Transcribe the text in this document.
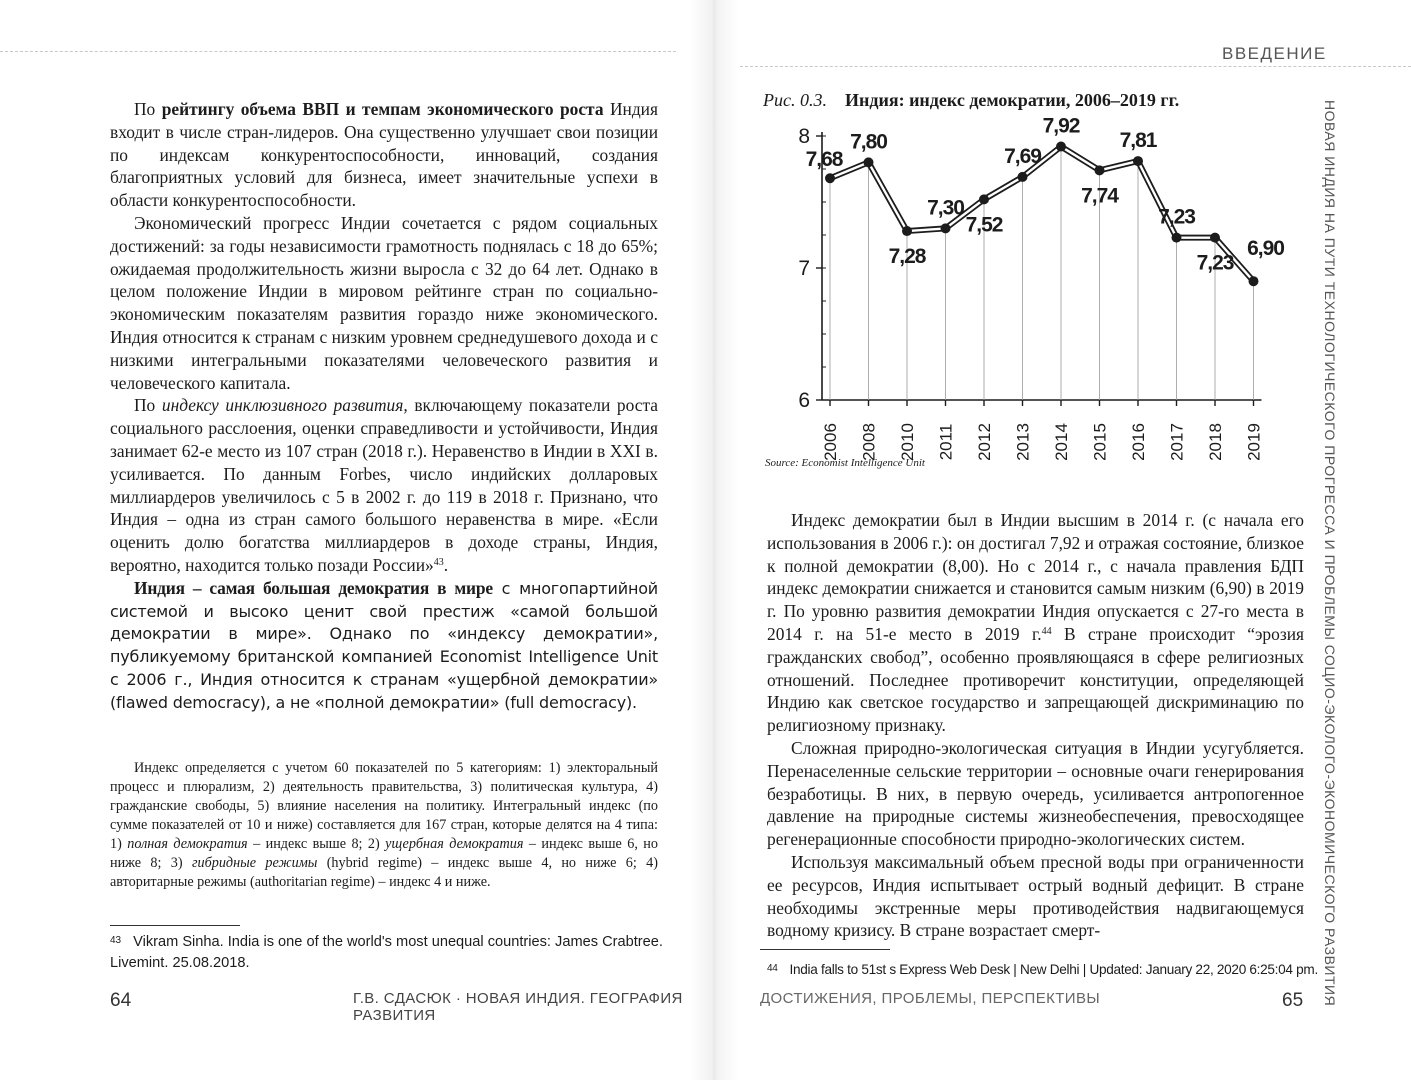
По рейтингу объема ВВП и темпам экономического роста Индия входит в числе стран-лидеров. Она существенно улучшает свои позиции по индексам конкурентоспособности, инноваций, создания благоприятных условий для бизнеса, имеет значительные успехи в области конкурентоспособности.

Экономический прогресс Индии сочетается с рядом социальных достижений: за годы независимости грамотность поднялась с 18 до 65%; ожидаемая продолжительность жизни выросла с 32 до 64 лет. Однако в целом положение Индии в мировом рейтинге стран по социально-экономическим показателям развития гораздо ниже экономического. Индия относится к странам с низким уровнем среднедушевого дохода и с низкими интегральными показателями человеческого развития и человеческого капитала.

По индексу инклюзивного развития, включающему показатели роста социального расслоения, оценки справедливости и устойчивости, Индия занимает 62-е место из 107 стран (2018 г.). Неравенство в Индии в XXI в. усиливается. По данным Forbes, число индийских долларовых миллиардеров увеличилось с 5 в 2002 г. до 119 в 2018 г. Признано, что Индия – одна из стран самого большого неравенства в мире. «Если оценить долю богатства миллиардеров в доходе страны, Индия, вероятно, находится только позади России»$^{43}$.

Индия – самая большая демократия в мире с многопартийной системой и высоко ценит свой престиж «самой большой демократии в мире». Однако по «индексу демократии», публикуемому британской компанией Economist Intelligence Unit с 2006 г., Индия относится к странам «ущербной демократии» (flawed democracy), а не «полной демократии» (full democracy).

Индекс определяется с учетом 60 показателей по 5 категориям: 1) электоральный процесс и плюрализм, 2) деятельность правительства, 3) политическая культура, 4) гражданские свободы, 5) влияние населения на политику. Интегральный индекс (по сумме показателей от 10 и ниже) составляется для 167 стран, которые делятся на 4 типа: 1) полная демократия – индекс выше 8; 2) ущербная демократия – индекс выше 6, но ниже 8; 3) гибридные режимы (hybrid regime) – индекс выше 4, но ниже 6; 4) авторитарные режимы (authoritarian regime) – индекс 4 и ниже.

$^{43}$ Vikram Sinha. India is one of the world's most unequal countries: James Crabtree. Livemint. 25.08.2018.

64	Г.В. СДАСЮК · НОВАЯ ИНДИЯ. ГЕОГРАФИЯ РАЗВИТИЯ

ВВЕДЕНИЕ

НОВАЯ ИНДИЯ НА ПУТИ ТЕХНОЛОГИЧЕСКОГО ПРОГРЕССА И ПРОБЛЕМЫ СОЦИО-ЭКОЛОГО-ЭКОНОМИЧЕСКОГО РАЗВИТИЯ

Рис. 0.3. Индия: индекс демократии, 2006–2019 гг.

6
7
8
2006 2008 2010 2011 2012 2013 2014 2015 2016 2017 2018 2019
7,68
7,80
7,28
7,30
7,52
7,69
7,92
7,74
7,81
7,23
7,23
6,90

Source: Economist Intelligence Unit

Индекс демократии был в Индии высшим в 2014 г. (с начала его использования в 2006 г.): он достигал 7,92 и отражая состояние, близкое к полной демократии (8,00). Но с 2014 г., с начала правления БДП индекс демократии снижается и становится самым низким (6,90) в 2019 г. По уровню развития демократии Индия опускается с 27-го места в 2014 г. на 51-е место в 2019 г.$^{44}$ В стране происходит “эрозия гражданских свобод”, особенно проявляющаяся в сфере религиозных отношений. Последнее противоречит конституции, определяющей Индию как светское государство и запрещающей дискриминацию по религиозному признаку.

Сложная природно-экологическая ситуация в Индии усугубляется. Перенаселенные сельские территории – основные очаги генерирования безработицы. В них, в первую очередь, усиливается антропогенное давление на природные системы жизнеобеспечения, превосходящее регенерационные способности природно-экологических систем.

Используя максимальный объем пресной воды при ограниченности ее ресурсов, Индия испытывает острый водный дефицит. В стране необходимы экстренные меры противодействия надвигающемуся водному кризису. В стране возрастает смерт-

$^{44}$ India falls to 51st s Express Web Desk | New Delhi | Updated: January 22, 2020 6:25:04 pm.

ДОСТИЖЕНИЯ, ПРОБЛЕМЫ, ПЕРСПЕКТИВЫ	65
